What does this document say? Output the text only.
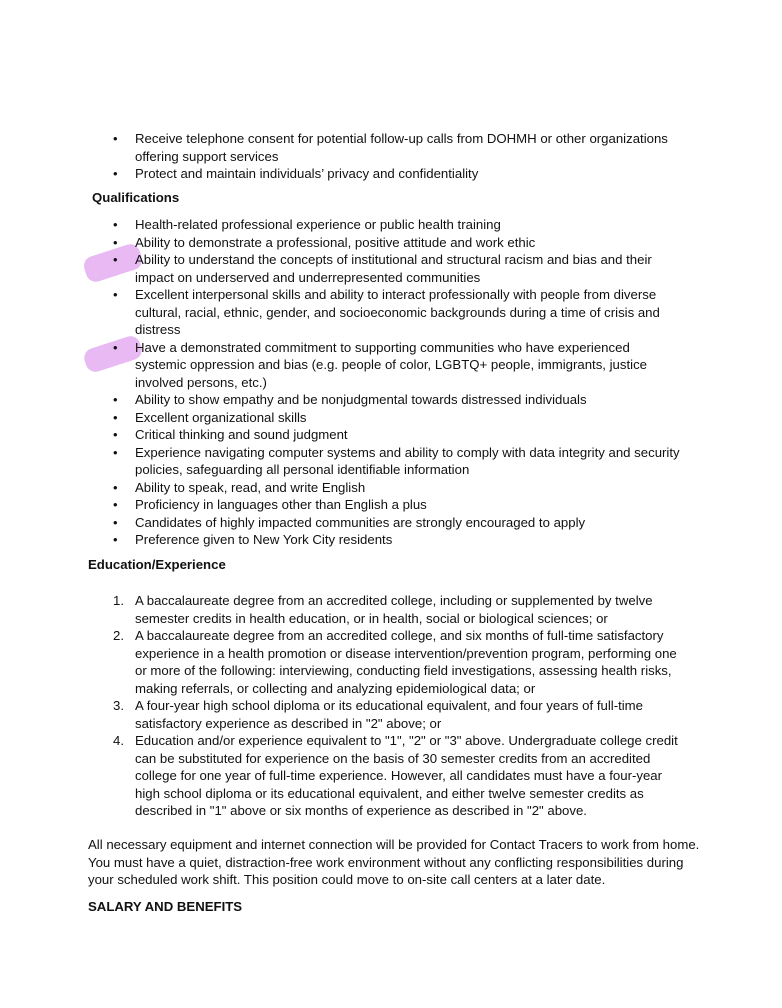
• Receive telephone consent for potential follow-up calls from DOHMH or other organizations offering support services
• Protect and maintain individuals’ privacy and confidentiality
Qualifications
• Health-related professional experience or public health training
• Ability to demonstrate a professional, positive attitude and work ethic
• Ability to understand the concepts of institutional and structural racism and bias and their impact on underserved and underrepresented communities
• Excellent interpersonal skills and ability to interact professionally with people from diverse cultural, racial, ethnic, gender, and socioeconomic backgrounds during a time of crisis and distress
• Have a demonstrated commitment to supporting communities who have experienced systemic oppression and bias (e.g. people of color, LGBTQ+ people, immigrants, justice involved persons, etc.)
• Ability to show empathy and be nonjudgmental towards distressed individuals
• Excellent organizational skills
• Critical thinking and sound judgment
• Experience navigating computer systems and ability to comply with data integrity and security policies, safeguarding all personal identifiable information
• Ability to speak, read, and write English
• Proficiency in languages other than English a plus
• Candidates of highly impacted communities are strongly encouraged to apply
• Preference given to New York City residents
Education/Experience
1. A baccalaureate degree from an accredited college, including or supplemented by twelve semester credits in health education, or in health, social or biological sciences; or
2. A baccalaureate degree from an accredited college, and six months of full-time satisfactory experience in a health promotion or disease intervention/prevention program, performing one or more of the following: interviewing, conducting field investigations, assessing health risks, making referrals, or collecting and analyzing epidemiological data; or
3. A four-year high school diploma or its educational equivalent, and four years of full-time satisfactory experience as described in "2" above; or
4. Education and/or experience equivalent to "1", "2" or "3" above. Undergraduate college credit can be substituted for experience on the basis of 30 semester credits from an accredited college for one year of full-time experience. However, all candidates must have a four-year high school diploma or its educational equivalent, and either twelve semester credits as described in "1" above or six months of experience as described in "2" above.
All necessary equipment and internet connection will be provided for Contact Tracers to work from home. You must have a quiet, distraction-free work environment without any conflicting responsibilities during your scheduled work shift. This position could move to on-site call centers at a later date.
SALARY AND BENEFITS
